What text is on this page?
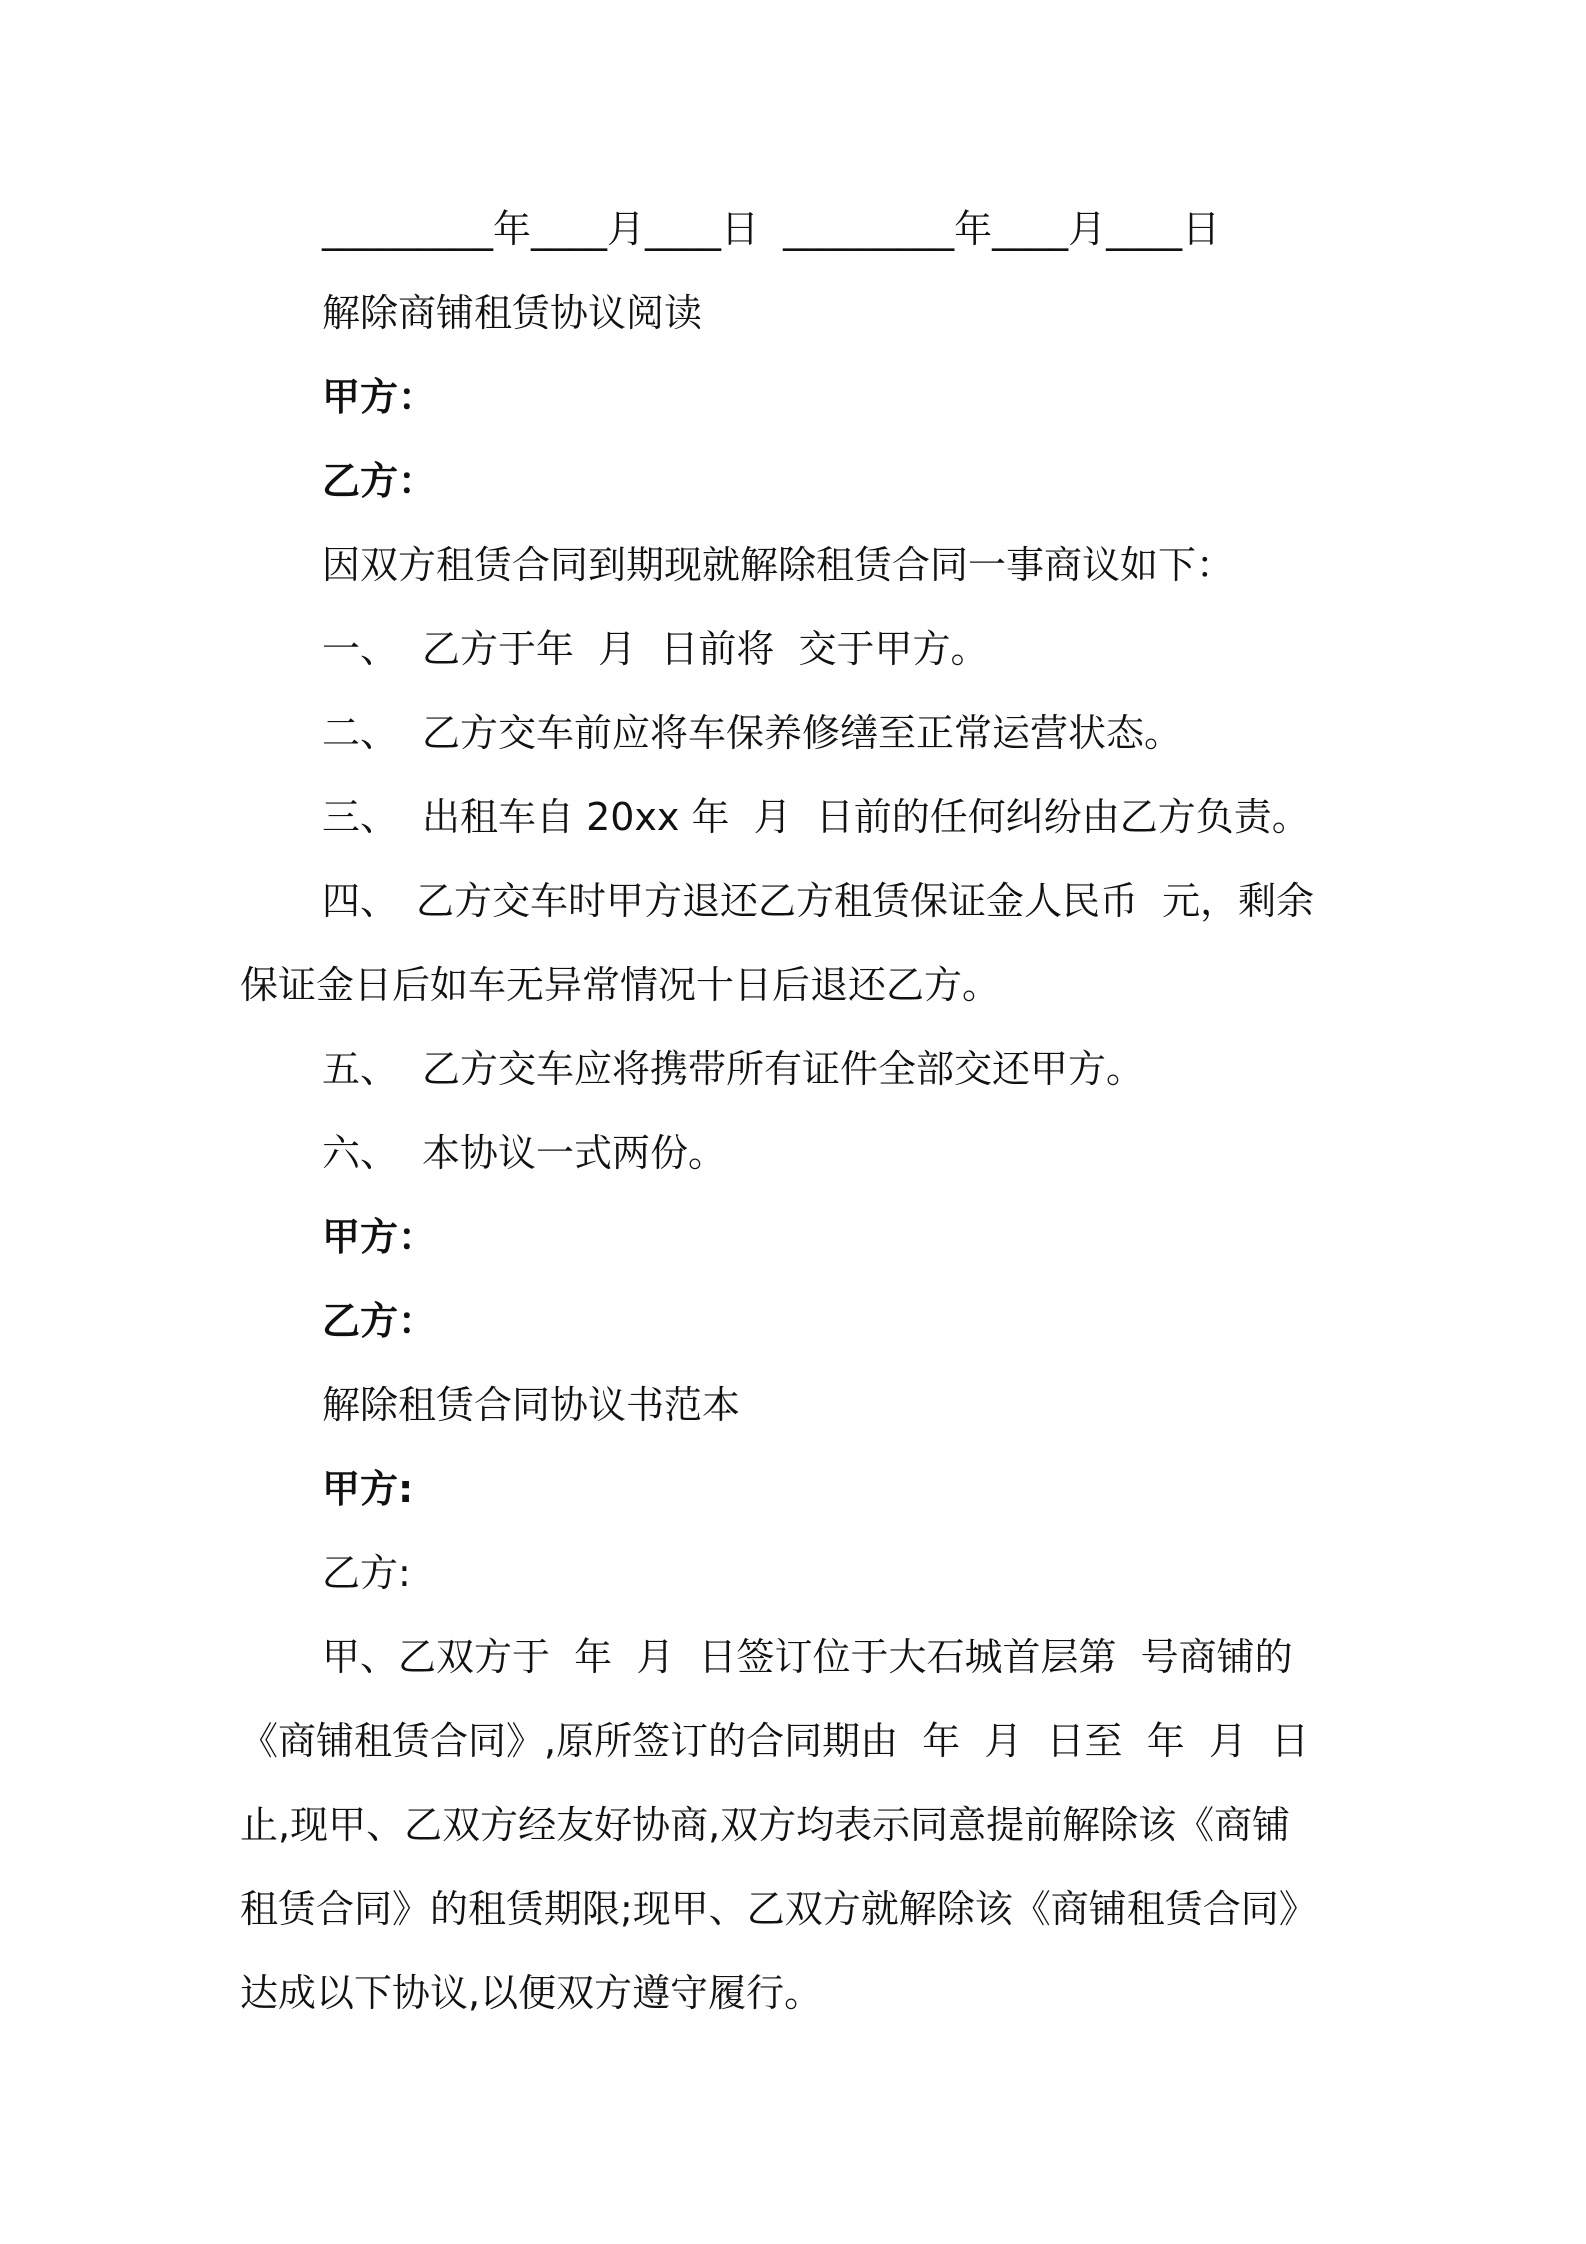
_________年____月____日  _________年____月____日
解除商铺租赁协议阅读
甲方：
乙方：
因双方租赁合同到期现就解除租赁合同一事商议如下：
一、 乙方于年  月  日前将  交于甲方。
二、 乙方交车前应将车保养修缮至正常运营状态。
三、 出租车自 20xx 年  月  日前的任何纠纷由乙方负责。
四、 乙方交车时甲方退还乙方租赁保证金人民币  元，剩余
保证金日后如车无异常情况十日后退还乙方。
五、 乙方交车应将携带所有证件全部交还甲方。
六、 本协议一式两份。
甲方：
乙方：
解除租赁合同协议书范本
甲方:
乙方:
甲、乙双方于  年  月  日签订位于大石城首层第  号商铺的
《商铺租赁合同》,原所签订的合同期由  年  月  日至  年  月  日
止,现甲、乙双方经友好协商,双方均表示同意提前解除该《商铺
租赁合同》的租赁期限;现甲、乙双方就解除该《商铺租赁合同》
达成以下协议,以便双方遵守履行。
